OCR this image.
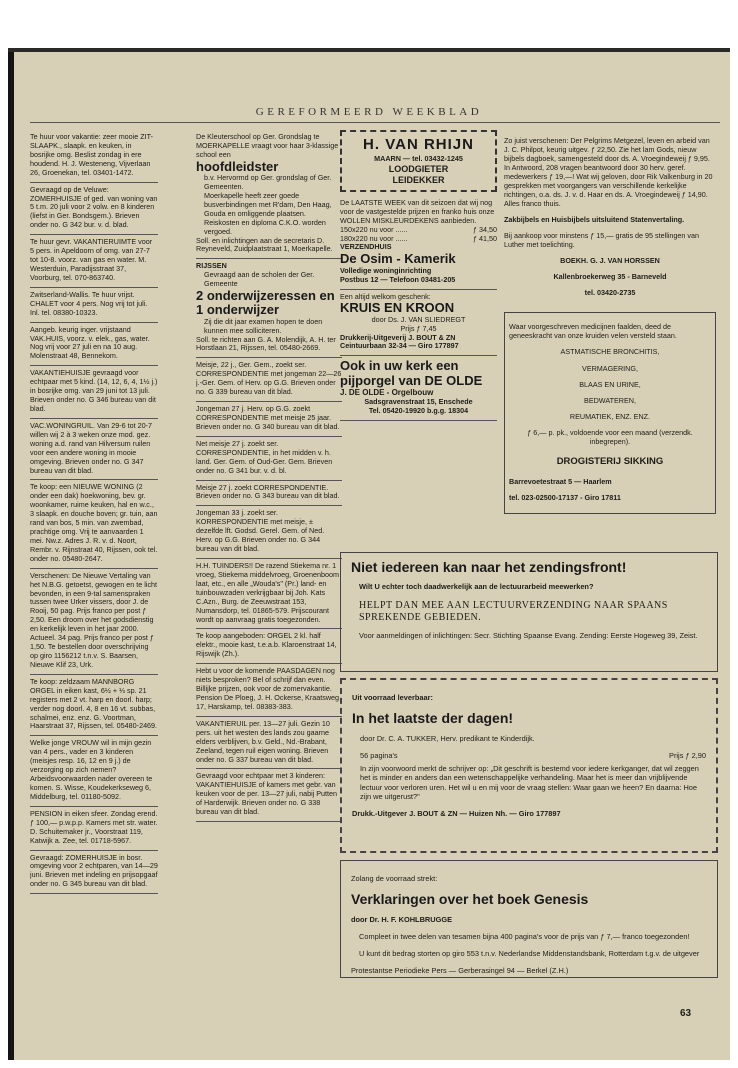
GEREFORMEERD WEEKBLAD

Te huur voor vakantie: zeer mooie ZIT-SLAAPK., slaapk. en keuken, in bosrijke omg. Beslist zondag in ere houdend. H. J. Westeneng, Vijverlaan 26, Groenekan, tel. 03401-1472.

Gevraagd op de Veluwe: ZOMERHUISJE of ged. van woning van 5 t.m. 20 juli voor 2 volw. en 8 kinderen (liefst in Ger. Bondsgem.). Brieven onder no. G 342 bur. v. d. blad.

Te huur gevr. VAKANTIERUIMTE voor 5 pers. in Apeldoorn of omg. van 27-7 tot 10-8. voorz. van gas en water. M. Westerduin, Paradijsstraat 37, Voorburg, tel. 070-863740.

Zwitserland-Wallis. Te huur vrijst. CHALET voor 4 pers. Nog vrij tot juli. Inl. tel. 08380-10323.

Aangeb. keurig inger. vrijstaand VAK.HUIS, voorz. v. elek., gas, water. Nog vrij voor 27 juli en na 10 aug. Molenstraat 48, Bennekom.

VAKANTIEHUISJE gevraagd voor echtpaar met 5 kind. (14, 12, 6, 4, 1½ j.) in bosrijke omg. van 29 juni tot 13 juli. Brieven onder no. G 346 bureau van dit blad.

VAC.WONINGRUIL. Van 29-6 tot 20-7 willen wij 2 à 3 weken onze mod. gez. woning a.d. rand van Hilversum ruilen voor een andere woning in mooie omgeving. Brieven onder no. G 347 bureau van dit blad.

Te koop: een NIEUWE WONING (2 onder een dak) hoekwoning, bev. gr. woonkamer, ruime keuken, hal en w.c., 3 slaapk. en douche boven; gr. tuin, aan rand van bos, 5 min. van zwembad, prachtige omg. Vrij te aanvaarden 1 mei. Nw.z. Adres J. R. v. d. Noort, Rembr. v. Rijnstraat 40, Rijssen, ook tel. onder no. 05480-2647.

Verschenen: De Nieuwe Vertaling van het N.B.G. getoetst, gewogen en te licht bevonden, in een 9-tal samenspraken tussen twee Urker vissers, door J. de Rooij, 50 pag. Prijs franco per post ƒ 2,50. Een droom over het godsdienstig en kerkelijk leven in het jaar 2000. Actueel. 34 pag. Prijs franco per post ƒ 1,50. Te bestellen door overschrijving op giro 1156212 t.n.v. S. Baarsen, Nieuwe Klif 23, Urk.

Te koop: zeldzaam MANNBORG ORGEL in eiken kast, 6½ + ⅓ sp. 21 registers met 2 vt. harp en doorl. harp; verder nog doorl. 4, 8 en 16 vt. subbas, schalmei, enz. enz. G. Voortman, Haarstraat 37, Rijssen, tel. 05480-2469.

Welke jonge VROUW wil in mijn gezin van 4 pers., vader en 3 kinderen (meisjes resp. 16, 12 en 9 j.) de verzorging op zich nemen? Arbeidsvoorwaarden nader overeen te komen. S. Wisse, Koudekerkseweg 6, Middelburg, tel. 01180-5092.

PENSION in eiken sfeer. Zondag erend. ƒ 100,— p.w.p.p. Kamers met str. water. D. Schuitemaker jr., Voorstraat 119, Katwijk a. Zee, tel. 01718-5967.

Gevraagd: ZOMERHUISJE in bosr. omgeving voor 2 echtparen, van 14—29 juni. Brieven met indeling en prijsopgaaf onder no. G 345 bureau van dit blad.

De Kleuterschool op Ger. Grondslag te MOERKAPELLE vraagt voor haar 3-klassige school een

hoofdleidster

b.v. Hervormd op Ger. grondslag of Ger. Gemeenten.

Moerkapelle heeft zeer goede busverbindingen met R'dam, Den Haag, Gouda en omliggende plaatsen. Reiskosten en diploma C.K.O. worden vergoed.

Soll. en inlichtingen aan de secretaris D. Reyneveld, Zuidplaatstraat 1, Moerkapelle.

RIJSSEN

Gevraagd aan de scholen der Ger. Gemeente

2 onderwijzeressen en 1 onderwijzer

Zij die dit jaar examen hopen te doen kunnen mee solliciteren.

Soll. te richten aan G. A. Molendijk, A. H. ter Horstlaan 21, Rijssen, tel. 05480-2669.

Meisje, 22 j., Ger. Gem., zoekt ser. CORRESPONDENTIE met jongeman 22—26 j.-Ger. Gem. of Herv. op G.G. Brieven onder no. G 339 bureau van dit blad.

Jongeman 27 j. Herv. op G.G. zoekt CORRESPONDENTIE met meisje 25 jaar. Brieven onder no. G 340 bureau van dit blad.

Net meisje 27 j. zoekt ser. CORRESPONDENTIE, in het midden v. h. land. Ger. Gem. of Oud-Ger. Gem. Brieven onder no. G 341 bur. v. d. bl.

Meisje 27 j. zoekt CORRESPONDENTIE. Brieven onder no. G 343 bureau van dit blad.

Jongeman 33 j. zoekt ser. KORRESPONDENTIE met meisje, ± dezelfde lft. Godsd. Gerel. Gem. of Ned. Herv. op G.G. Brieven onder no. G 344 bureau van dit blad.

H.H. TUINDERS!! De razend Stiekema nr. 1 vroeg, Stiekema middelvroeg, Groenenboom laat, etc., en alle „Wouda's" (Pr.) land- en tuinbouwzaden verkrijgbaar bij Joh. Kats C.Azn., Burg. de Zeeuwstraat 153, Numansdorp, tel. 01865-579. Prijscourant wordt op aanvraag gratis toegezonden.

Te koop aangeboden: ORGEL 2 kl. half elektr., mooie kast, t.e.a.b. Klaroenstraat 14, Rijswijk (Zh.).

Hebt u voor de komende PAASDAGEN nog niets besproken? Bel of schrijf dan even. Billijke prijzen, ook voor de zomervakantie. Pension De Ploeg, J. H. Ockerse, Kraatsweg 17, Harskamp, tel. 08383-383.

VAKANTIERUIL per. 13—27 juli. Gezin 10 pers. uit het westen des lands zou gaarne elders verblijven, b.v. Geld., Nd.-Brabant, Zeeland, tegen ruil eigen woning. Brieven onder no. G 337 bureau van dit blad.

Gevraagd voor echtpaar met 3 kinderen: VAKANTIEHUISJE of kamers met gebr. van keuken voor de per. 13—27 juli, nabij Putten of Harderwijk. Brieven onder no. G 338 bureau van dit blad.

H. VAN RHIJN
MAARN — tel. 03432-1245
LOODGIETER
LEIDEKKER

De LAATSTE WEEK van dit seizoen dat wij nog voor de vastgestelde prijzen en franko huis onze WOLLEN MISKLEURDEKENS aanbieden.

150x220 nu voor ......	ƒ 34,50
180x220 nu voor ......	ƒ 41,50

VERZENDHUIS

De Osim - Kamerik

Volledige woninginrichting

Postbus 12 — Telefoon 03481-205

Een altijd welkom geschenk:

KRUIS EN KROON

door Ds. J. VAN SLIEDREGT

Prijs ƒ 7,45

Drukkerij-Uitgeverij J. BOUT & ZN

Ceintuurbaan 32-34 — Giro 177897

Ook in uw kerk een pijporgel van DE OLDE

J. DE OLDE - Orgelbouw

Sadsgravenstraat 15, Enschede

Tel. 05420-19920 b.g.g. 18304

Zo juist verschenen: Der Pelgrims Metgezel, leven en arbeid van J. C. Philpot, keurig uitgev. ƒ 22,50. Zie het lam Gods, nieuw bijbels dagboek, samengesteld door ds. A. Vroegindeweij ƒ 9,95. In Antwoord, 208 vragen beantwoord door 30 herv. geref. medewerkers ƒ 19,—! Wat wij geloven, door Rik Valkenburg in 20 gesprekken met voorgangers van verschillende kerkelijke richtingen, o.a. ds. J. v. d. Haar en ds. A. Vroegindeweij ƒ 14,90. Alles franco thuis.

Zakbijbels en Huisbijbels uitsluitend Statenvertaling.

Bij aankoop voor minstens ƒ 15,— gratis de 95 stellingen van Luther met toelichting.

BOEKH. G. J. VAN HORSSEN

Kallenbroekerweg 35 - Barneveld

tel. 03420-2735

Waar voorgeschreven medicijnen faalden, deed de geneeskracht van onze kruiden velen versteld staan.

ASTMATISCHE BRONCHITIS,

VERMAGERING,

BLAAS EN URINE,

BEDWATEREN,

REUMATIEK, ENZ. ENZ.

ƒ 6,— p. pk., voldoende voor een maand (verzendk. inbegrepen).

DROGISTERIJ SIKKING

Barrevoetestraat 5 — Haarlem

tel. 023-02500-17137 - Giro 17811

Niet iedereen kan naar het zendingsfront!

Wilt U echter toch daadwerkelijk aan de lectuurarbeid meewerken?

HELPT DAN MEE AAN LECTUURVERZENDING NAAR SPAANS SPREKENDE GEBIEDEN.

Voor aanmeldingen of inlichtingen: Secr. Stichting Spaanse Evang. Zending: Eerste Hogeweg 39, Zeist.

Uit voorraad leverbaar:

In het laatste der dagen!

door Dr. C. A. TUKKER, Herv. predikant te Kinderdijk.

56 pagina's	Prijs ƒ 2,90

In zijn voorwoord merkt de schrijver op: „Dit geschrift is bestemd voor iedere kerkganger, dat wil zeggen het is minder en anders dan een wetenschappelijke verhandeling. Maar het is meer dan vrijblijvende lectuur voor verloren uren. Het wil u en mij voor de vraag stellen: Waar gaan we heen? En daarna: Hoe zijn we uitgerust?"

Drukk.-Uitgever J. BOUT & ZN — Huizen Nh. — Giro 177897

Zolang de voorraad strekt:

Verklaringen over het boek Genesis

door Dr. H. F. KOHLBRUGGE

Compleet in twee delen van tesamen bijna 400 pagina's voor de prijs van ƒ 7,— franco toegezonden!

U kunt dit bedrag storten op giro 553 t.n.v. Nederlandse Middenstandsbank, Rotterdam t.g.v. de uitgever

Protestantse Periodieke Pers — Gerberasingel 94 — Berkel (Z.H.)

63
